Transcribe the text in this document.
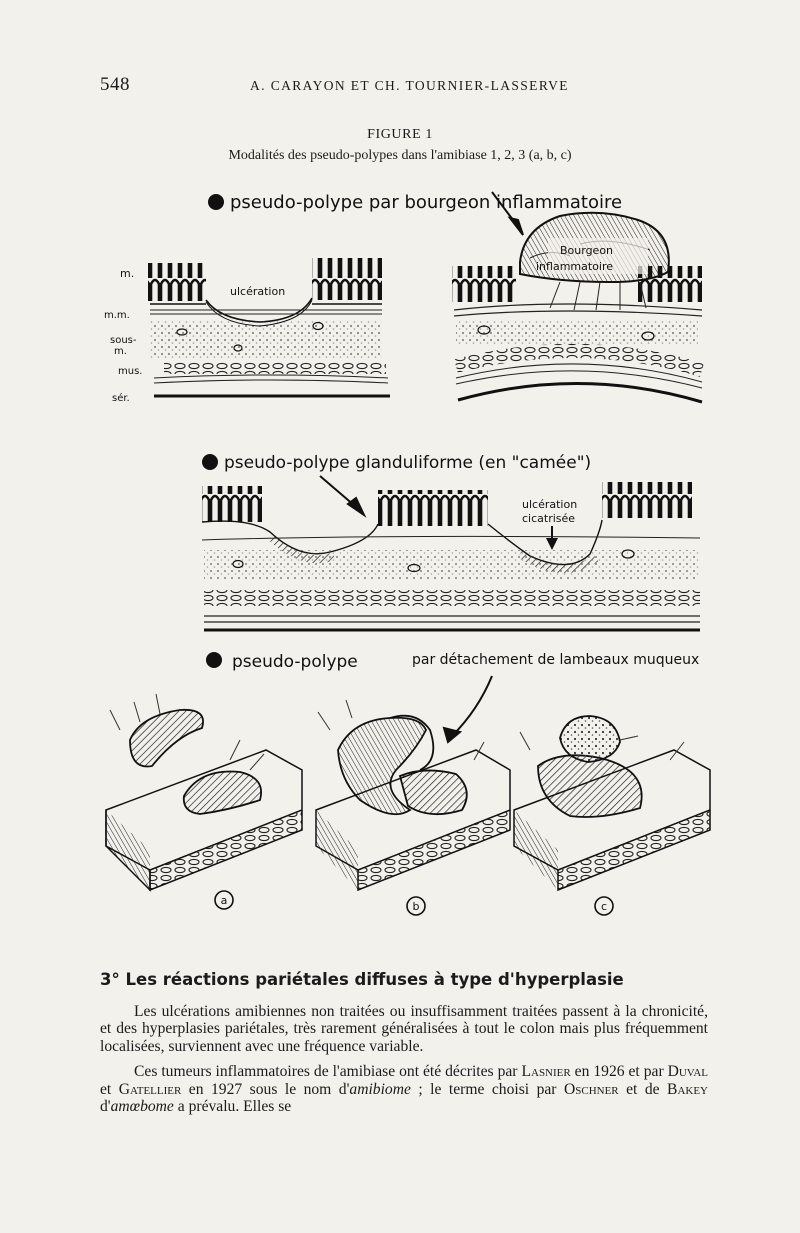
548	A. CARAYON ET CH. TOURNIER-LASSERVE
FIGURE 1
Modalités des pseudo-polypes dans l'amibiase 1, 2, 3 (a, b, c)
1 pseudo-polype par bourgeon inflammatoire
m.
m.m.
sous-
m.
mus.
sér.
ulcération
Bourgeon
inflammatoire
2 pseudo-polype glanduliforme (en "camée")
ulcération
cicatrisée
3 pseudo-polype	par détachement de lambeaux muqueux
a	b	c
3° Les réactions pariétales diffuses à type d'hyperplasie

Les ulcérations amibiennes non traitées ou insuffisamment traitées passent à la chronicité, et des hyperplasies pariétales, très rarement généralisées à tout le colon mais plus fréquemment localisées, surviennent avec une fréquence variable.

Ces tumeurs inflammatoires de l'amibiase ont été décrites par Lasnier en 1926 et par Duval et Gatellier en 1927 sous le nom d'amibiome ; le terme choisi par Oschner et de Bakey d'amœbome a prévalu. Elles se
